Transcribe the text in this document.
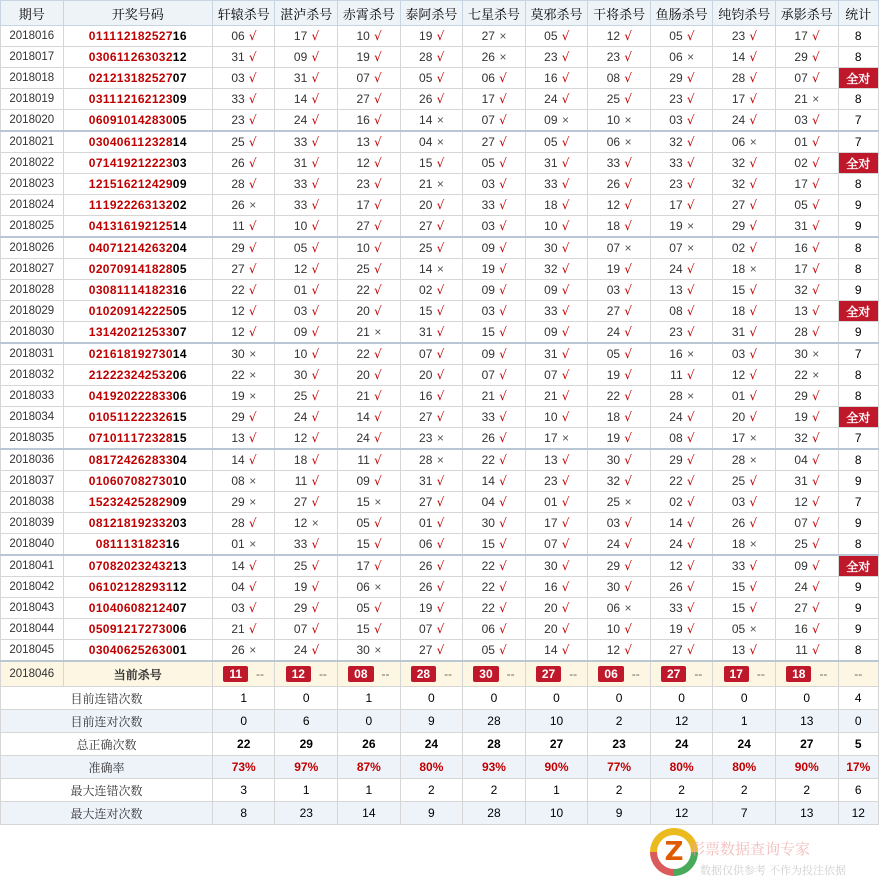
期号	开奖号码	轩辕杀号	湛泸杀号	赤霄杀号	泰阿杀号	七星杀号	莫邪杀号	干将杀号	鱼肠杀号	纯钧杀号	承影杀号	统计
2018016	01111218252716	06 √	17 √	10 √	19 √	27 ×	05 √	12 √	05 √	23 √	17 √	8
2018017	03061126303212	31 √	09 √	19 √	28 √	26 ×	23 √	23 √	06 ×	14 √	29 √	8
2018018	02121318252707	03 √	31 √	07 √	05 √	06 √	16 √	08 √	29 √	28 √	07 √	全对
2018019	03111216212309	33 √	14 √	27 √	26 √	17 √	24 √	25 √	23 √	17 √	21 ×	8
2018020	06091014283005	23 √	24 √	16 √	14 ×	07 √	09 ×	10 ×	03 √	24 √	03 √	7
2018021	03040611232814	25 √	33 √	13 √	04 ×	27 √	05 √	06 ×	32 √	06 ×	01 √	7
2018022	07141921222303	26 √	31 √	12 √	15 √	05 √	31 √	33 √	33 √	32 √	02 √	全对
2018023	12151621242909	28 √	33 √	23 √	21 ×	03 √	33 √	26 √	23 √	32 √	17 √	8
2018024	11192226313202	26 ×	33 √	17 √	20 √	33 √	18 √	12 √	17 √	27 √	05 √	9
2018025	04131619212514	11 √	10 √	27 √	27 √	03 √	10 √	18 √	19 ×	29 √	31 √	9
2018026	04071214263204	29 √	05 √	10 √	25 √	09 √	30 √	07 ×	07 ×	02 √	16 √	8
2018027	02070914182805	27 √	12 √	25 √	14 ×	19 √	32 √	19 √	24 √	18 ×	17 √	8
2018028	03081114182316	22 √	01 √	22 √	02 √	09 √	09 √	03 √	13 √	15 √	32 √	9
2018029	01020914222505	12 √	03 √	20 √	15 √	03 √	33 √	27 √	08 √	18 √	13 √	全对
2018030	13142021253307	12 √	09 √	21 ×	31 √	15 √	09 √	24 √	23 √	31 √	28 √	9
2018031	02161819273014	30 ×	10 √	22 √	07 √	09 √	31 √	05 √	16 ×	03 √	30 ×	7
2018032	21222324253206	22 ×	30 √	20 √	20 √	07 √	07 √	19 √	11 √	12 √	22 ×	8
2018033	04192022283306	19 ×	25 √	21 √	16 √	21 √	21 √	22 √	28 ×	01 √	29 √	8
2018034	01051122232615	29 √	24 √	14 √	27 √	33 √	10 √	18 √	24 √	20 √	19 √	全对
2018035	07101117232815	13 √	12 √	24 √	23 ×	26 √	17 ×	19 √	08 √	17 ×	32 √	7
2018036	08172426283304	14 √	18 √	11 √	28 ×	22 √	13 √	30 √	29 √	28 ×	04 √	8
2018037	01060708273010	08 ×	11 √	09 √	31 √	14 √	23 √	32 √	22 √	25 √	31 √	9
2018038	15232425282909	29 ×	27 √	15 ×	27 √	04 √	01 √	25 ×	02 √	03 √	12 √	7
2018039	08121819233203	28 √	12 ×	05 √	01 √	30 √	17 √	03 √	14 √	26 √	07 √	9
2018040	081113182316	01 ×	33 √	15 √	06 √	15 √	07 √	24 √	24 √	18 ×	25 √	8
2018041	07082023243213	14 √	25 √	17 √	26 √	22 √	30 √	29 √	12 √	33 √	09 √	全对
2018042	06102128293112	04 √	19 √	06 ×	26 √	22 √	16 √	30 √	26 √	15 √	24 √	9
2018043	01040608212407	03 √	29 √	05 √	19 √	22 √	20 √	06 ×	33 √	15 √	27 √	9
2018044	05091217273006	21 √	07 √	15 √	07 √	06 √	20 √	10 √	19 √	05 ×	16 √	9
2018045	03040625263001	26 ×	24 √	30 ×	27 √	05 √	14 √	12 √	27 √	13 √	11 √	8
2018046	当前杀号	11 --	12 --	08 --	28 --	30 --	27 --	06 --	27 --	17 --	18 --	--
目前连错次数		1	0	1	0	0	0	0	0	0	0	4
目前连对次数		0	6	0	9	28	10	2	12	1	13	0
总正确次数		22	29	26	24	28	27	23	24	24	27	5
准确率		73%	97%	87%	80%	93%	90%	77%	80%	80%	90%	17%
最大连错次数		3	1	1	2	2	1	2	2	2	2	6
最大连对次数		8	23	14	9	28	10	9	12	7	13	12
Z 彩票数据查询专家
数据仅供参考 不作为投注依据
